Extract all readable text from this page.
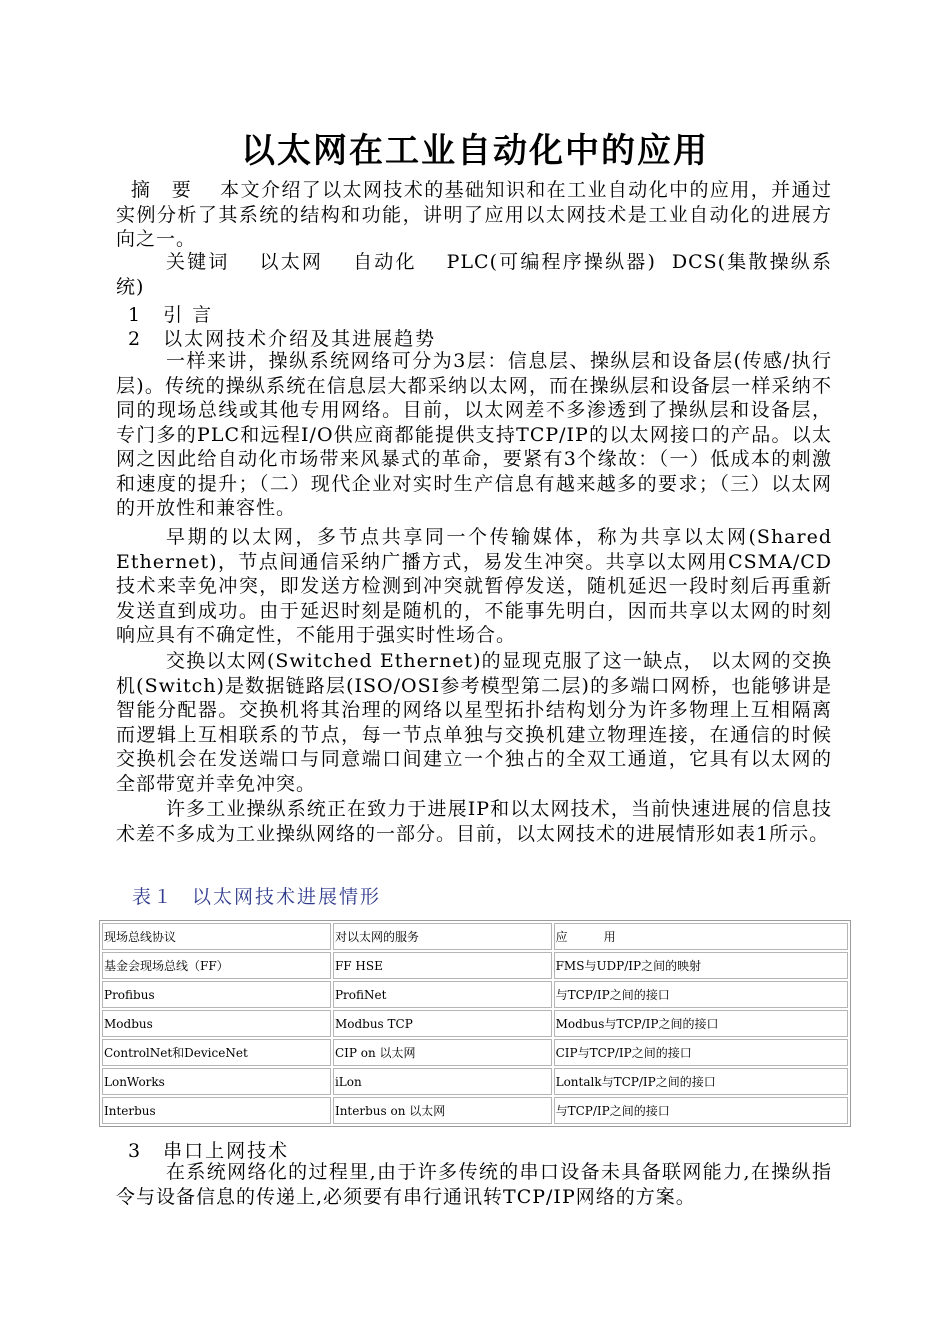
以太网在工业自动化中的应用

摘　要 本文介绍了以太网技术的基础知识和在工业自动化中的应用，并通过实例分析了其系统的结构和功能，讲明了应用以太网技术是工业自动化的进展方向之一。

关键词 以太网 自动化 PLC(可编程序操纵器) DCS(集散操纵系统)

1　引 言

2　以太网技术介绍及其进展趋势

一样来讲，操纵系统网络可分为3层：信息层、操纵层和设备层(传感/执行层)。传统的操纵系统在信息层大都采纳以太网，而在操纵层和设备层一样采纳不同的现场总线或其他专用网络。目前，以太网差不多渗透到了操纵层和设备层，专门多的PLC和远程I/O供应商都能提供支持TCP/IP的以太网接口的产品。以太网之因此给自动化市场带来风暴式的革命，要紧有3个缘故：（一）低成本的刺激和速度的提升；（二）现代企业对实时生产信息有越来越多的要求；（三）以太网的开放性和兼容性。

早期的以太网，多节点共享同一个传输媒体，称为共享以太网(Shared Ethernet)，节点间通信采纳广播方式，易发生冲突。共享以太网用CSMA/CD技术来幸免冲突，即发送方检测到冲突就暂停发送，随机延迟一段时刻后再重新发送直到成功。由于延迟时刻是随机的，不能事先明白，因而共享以太网的时刻响应具有不确定性，不能用于强实时性场合。

交换以太网(Switched Ethernet)的显现克服了这一缺点， 以太网的交换机(Switch)是数据链路层(ISO/OSI参考模型第二层)的多端口网桥，也能够讲是智能分配器。交换机将其治理的网络以星型拓扑结构划分为许多物理上互相隔离而逻辑上互相联系的节点，每一节点单独与交换机建立物理连接，在通信的时候交换机会在发送端口与同意端口间建立一个独占的全双工通道，它具有以太网的全部带宽并幸免冲突。

许多工业操纵系统正在致力于进展IP和以太网技术，当前快速进展的信息技术差不多成为工业操纵网络的一部分。目前，以太网技术的进展情形如表1所示。

表１ 以太网技术进展情形

现场总线协议	对以太网的服务	应　　　用
基金会现场总线（FF）	FF HSE	FMS与UDP/IP之间的映射
Profibus	ProfiNet	与TCP/IP之间的接口
Modbus	Modbus TCP	Modbus与TCP/IP之间的接口
ControlNet和DeviceNet	CIP on 以太网	CIP与TCP/IP之间的接口
LonWorks	iLon	Lontalk与TCP/IP之间的接口
Interbus	Interbus on 以太网	与TCP/IP之间的接口

3　串口上网技术

在系统网络化的过程里,由于许多传统的串口设备未具备联网能力,在操纵指令与设备信息的传递上,必须要有串行通讯转TCP/IP网络的方案。
